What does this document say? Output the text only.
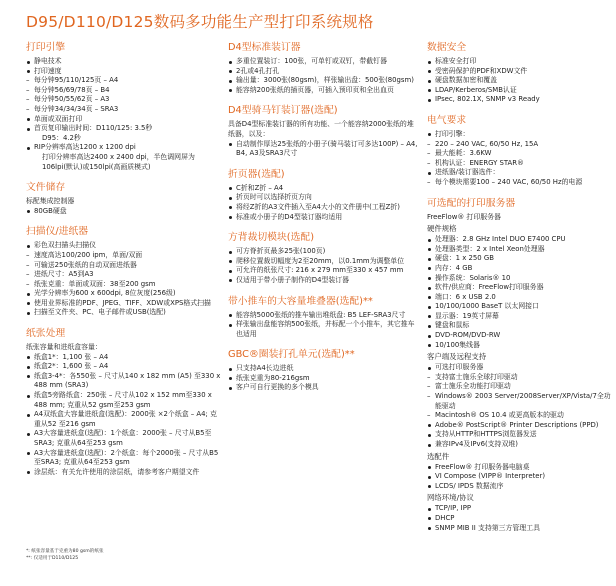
D95/D110/D125数码多功能生产型打印系统规格
打印引擎
静电技术
打印速度
– 每分钟95/110/125页 – A4
– 每分钟56/69/78页 – B4
– 每分钟50/55/62页 – A3
– 每分钟34/34/34页 – SRA3
单面或双面打印
首页复印输出时间：D110/125: 3.5秒
D95：4.2秒
RIP分辨率高达1200 x 1200 dpi
打印分辨率高达2400 x 2400 dpi，半色调网屏为106lpi(默认)或150lpi(高画质模式)
文件储存
标配集成控制器
80GB硬盘
扫描仪/进纸器
彩色双扫描头扫描仪
– 速度高达100/200 ipm，单面/双面
– 可输送250张纸的自动双面进纸器
– 进纸尺寸：A5到A3
– 纸张克重：单面或双面：38至200 gsm
光学分辨率为600 x 600dpi, 8位灰度(256级)
使用业界标准的PDF、JPEG、TIFF、XDW或XPS格式扫描
扫描至文件夹、PC、电子邮件或USB(选配)
纸张处理
纸张容量和进纸盒容量：
纸盒1*：1,100 张 – A4
纸盒2*：1,600 张 – A4
纸盒3-4*：各550张 – 尺寸从140 x 182 mm (A5) 至330 x 488 mm (SRA3)
纸盒5旁路纸盒：250张 – 尺寸从102 x 152 mm至330 x 488 mm; 克重从52 gsm至253 gsm
A4双纸盒大容量进纸盒(选配)：2000张 ×2个纸盒 – A4; 克重从52 至216 gsm
A3大容量进纸盒(选配)：1个纸盒：2000张 – 尺寸从B5至SRA3; 克重从64至253 gsm
A3大容量进纸盒(选配)：2个纸盒：每个2000张 – 尺寸从B5至SRA3; 克重从64至253 gsm
涂层纸：有关允许使用的涂层纸，请参考客户期望文件
D4型标准装订器
多重位置装订：100张，可单钉或双钉，带截钉器
2孔或4孔打孔
输出量：3000张(80gsm)，样张输出盘：500张(80gsm)
能容纳200张纸的插页器，可插入预印页和全出血页
D4型骑马钉装订器(选配)
具备D4型标准装订器的所有功能、一个能容纳2000张纸的堆纸器，以及：
自动制作厚达25张纸的小册子(骑马装订可多达100P) – A4, B4, A3及SRA3尺寸
折页器(选配)
C折和Z折 – A4
折页时可以选择折页方向
将经Z折的A3文件插入至A4大小的文件册中(工程Z折)
标准或小册子的D4型装订器均适用
方背裁切模块(选配)
可方脊折页最多25张(100页)
爬移位置裁切幅度为2至20mm，以0.1mm为调整单位
可允许的纸张尺寸: 216 x 279 mm至330 x 457 mm
仅适用于带小册子制作的D4型装订器
带小推车的大容量堆叠器(选配)**
能容纳5000张纸的推车输出堆纸盘: B5 LEF-SRA3尺寸
样张输出盘能容纳500张纸，并标配一个小推车，其它推车也适用
GBC®圈装打孔单元(选配)**
只支持A4长边进纸
纸张克重为80-216gsm
客户可自行更换的多个模具
数据安全
标准安全打印
受密码保护的PDF和XDW文件
硬盘数据加密和覆盖
LDAP/Kerberos/SMB认证
IPsec, 802.1X, SNMP v3 Ready
电气要求
打印引擎：
– 220 – 240 VAC, 60/50 Hz, 15A
– 最大能耗：3.6KW
– 机构认证：ENERGY STAR®
进纸器/装订器选件：
– 每个模块需要100 – 240 VAC, 60/50 Hz的电源
可选配的打印服务器
FreeFlow® 打印服务器
硬件规格
处理器：2.8 GHz Intel DUO E7400 CPU
处理器类型：2 x Intel Xeon处理器
硬盘：1 x 250 GB
内存：4 GB
操作系统：Solaris® 10
软件/供应商：FreeFlow打印服务器
端口：6 x USB 2.0
10/100/1000 BaseT 以太网接口
显示器：19英寸屏幕
键盘和鼠标
DVD-ROM/DVD-RW
10/100集线器
客户端及远程支持
可选打印服务器
– 支持富士施乐全球打印驱动
– 富士施乐全功能打印驱动
– Windows® 2003 Server/2008Server/XP/Vista/7全功能驱动
– Macintosh® OS 10.4 或更高版本的驱动
Adobe® PostScript® Printer Descriptions (PPD)
支持从HTTP和HTTPS浏览器发送
兼容IPv4及IPv6(支持双堆)
选配件
FreeFlow® 打印服务器电脑桌
VI Compose (VIPP® Interpreter)
LCDS/ IPDS 数据流序
网络环境/协议
TCP/IP, IPP
DHCP
SNMP MIB II 支持第三方管理工具
*: 纸张容量基于克重为80 gsm的纸张
**: 仅适用于D110/D125
